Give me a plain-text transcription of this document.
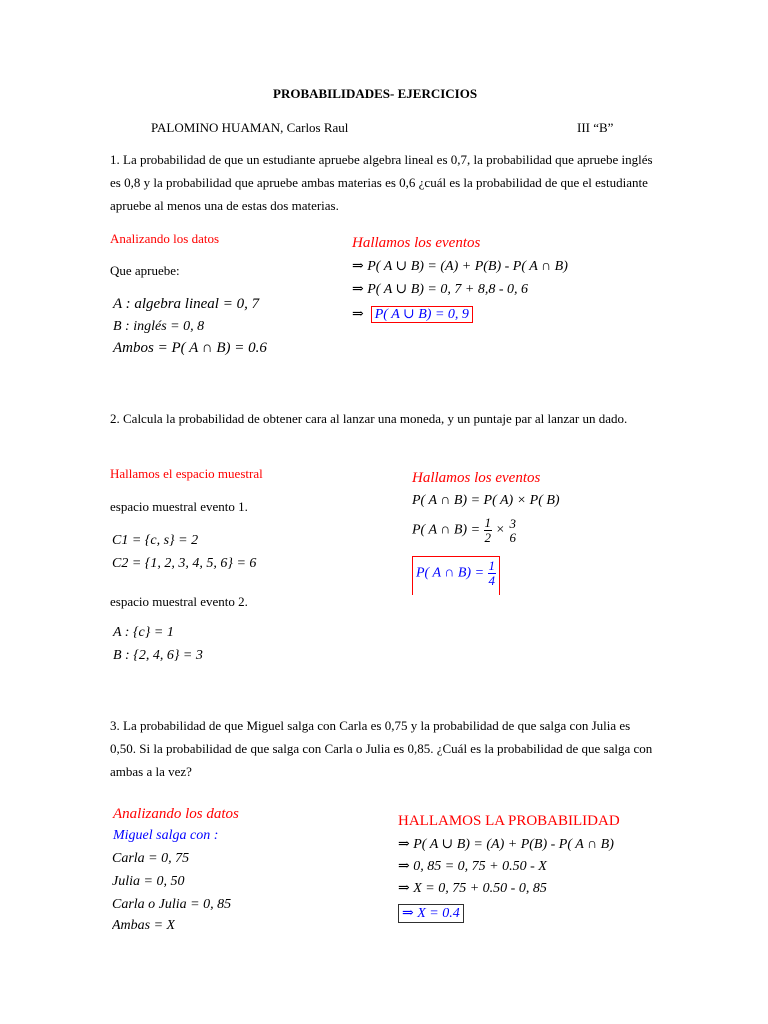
PROBABILIDADES- EJERCICIOS
PALOMINO HUAMAN, Carlos Raul	III “B”
1. La probabilidad de que un estudiante apruebe algebra lineal es 0,7, la probabilidad que apruebe inglés es 0,8 y la probabilidad que apruebe ambas materias es 0,6 ¿cuál es la probabilidad de que el estudiante apruebe al menos una de estas dos materias.
Analizando los datos
Que apruebe:
A : algebra lineal = 0, 7
B : inglés = 0, 8
Ambos = P( A ∩ B) = 0.6
Hallamos los eventos
⇒ P( A ∪ B) = (A) + P(B) - P( A ∩ B)
⇒ P( A ∪ B) = 0, 7 + 8,8 - 0, 6
⇒ P( A ∪ B) = 0, 9
2. Calcula la probabilidad de obtener cara al lanzar una moneda, y un puntaje par al lanzar un dado.
Hallamos el espacio muestral
espacio muestral evento 1.
C1 = {c, s} = 2
C2 = {1, 2, 3, 4, 5, 6} = 6
espacio muestral evento 2.
A : {c} = 1
B : {2, 4, 6} = 3
Hallamos los eventos
P( A ∩ B) = P( A) × P( B)
P( A ∩ $B) = \frac{1}{2} \times 3$
6
P( A ∩ $B) = \frac{1}{4}$
3. La probabilidad de que Miguel salga con Carla es 0,75 y la probabilidad de que salga con Julia es 0,50. Si la probabilidad de que salga con Carla o Julia es 0,85. ¿Cuál es la probabilidad de que salga con ambas a la vez?
Analizando los datos
Miguel salga con :
Carla = 0, 75
Julia = 0, 50
Carla o Julia = 0, 85
Ambas = X
HALLAMOS LA PROBABILIDAD
⇒ P( A ∪ B) = (A) + P(B) - P( A ∩ B)
⇒ 0, 85 = 0, 75 + 0.50 - X
⇒ X = 0, 75 + 0.50 - 0, 85
⇒ X = 0.4
